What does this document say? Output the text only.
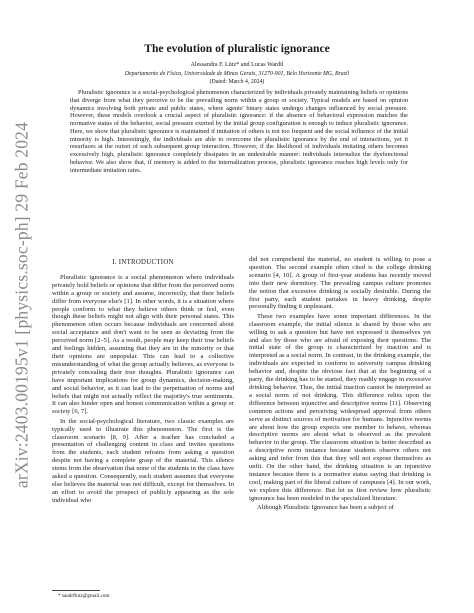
arXiv:2403.00195v1 [physics.soc-ph] 29 Feb 2024
The evolution of pluralistic ignorance
Alessandra F. Lütz* and Lucas Wardil
Departamento de Física, Universidade de Minas Gerais, 31270-901, Belo Horizonte MG, Brazil
(Dated: March 4, 2024)

Pluralistic ignorance is a social-psychological phenomenon characterized by individuals privately maintaining beliefs or opinions that diverge from what they perceive to be the prevailing norm within a group or society. Typical models are based on opinion dynamics involving both private and public states, where agents' binary states undergo changes influenced by social pressure. However, these models overlook a crucial aspect of pluralistic ignorance: if the absence of behavioral expression matches the normative status of the behavior, social pressure exerted by the initial group configuration is enough to induce pluralistic ignorance. Here, we show that pluralistic ignorance is maintained if imitation of others is not too frequent and the social influence of the initial minority is high. Interestingly, the individuals are able to overcome the pluralistic ignorance by the end of interactions, yet it resurfaces at the outset of each subsequent group interaction. However, if the likelihood of individuals imitating others becomes excessively high, pluralistic ignorance completely dissipates in an undesirable manner: individuals internalize the dysfunctional behavior. We also show that, if memory is added to the internalization process, pluralistic ignorance reaches high levels only for intermediate imitation rates.

I. INTRODUCTION

Pluralistic ignorance is a social phenomenon where individuals privately hold beliefs or opinions that differ from the perceived norm within a group or society and assume, incorrectly, that their beliefs differ from everyone else's [1]. In other words, it is a situation where people conform to what they believe others think or feel, even though these beliefs might not align with their personal states. This phenomenon often occurs because individuals are concerned about social acceptance and don't want to be seen as deviating from the perceived norm [2–5]. As a result, people may keep their true beliefs and feelings hidden, assuming that they are in the minority or that their opinions are unpopular. This can lead to a collective misunderstanding of what the group actually believes, as everyone is privately concealing their true thoughts. Pluralistic ignorance can have important implications for group dynamics, decision-making, and social behavior, as it can lead to the perpetuation of norms and beliefs that might not actually reflect the majority's true sentiments. It can also hinder open and honest communication within a group or society [6, 7].

In the social-psychological literature, two classic examples are typically used to illustrate this phenomenon. The first is the classroom scenario [8, 9]. After a teacher has concluded a presentation of challenging content in class and invites questions from the students, each student refrains from asking a question despite not having a complete grasp of the material. This silence stems from the observation that none of the students in the class have asked a question. Consequently, each student assumes that everyone else believes the material was not difficult, except for themselves. In an effort to avoid the prospect of publicly appearing as the sole individual who

did not comprehend the material, no student is willing to pose a question. The second example often cited is the college drinking scenario [4, 10]. A group of first-year students has recently moved into their new dormitory. The prevailing campus culture promotes the notion that excessive drinking is socially desirable. During the first party, each student partakes in heavy drinking, despite personally finding it unpleasant.

These two examples have some important differences. In the classroom example, the initial silence is shared by those who are willing to ask a question but have not expressed it themselves yet and also by those who are afraid of exposing their questions. The initial state of the group is characterized by inaction and is interpreted as a social norm. In contrast, in the drinking example, the individuals are expected to conform to university campus drinking behavior and, despite the obvious fact that at the beginning of a party, the drinking has to be started, they readily engage in excessive drinking behavior. Thus, the initial inaction cannot be interpreted as a social norm of not drinking. This difference relies upon the difference between injunctive and descriptive norms [11]. Observing common actions and perceiving widespread approval from others serve as distinct sources of motivation for humans. Injunctive norms are about how the group expects one member to behave, whereas descriptive norms are about what is observed as the prevalent behavior in the group. The classroom situation is better described as a descriptive norm instance because students observe others not asking and infer from this that they will not expose themselves as unfit. On the other hand, the drinking situation is an injunctive instance because there is a normative status saying that drinking is cool, making part of the liberal culture of campuses [4]. In our work, we explore this difference. But let us first review how pluralistic ignorance has been modeled in the specialized literature.

Although Pluralistic Ignorance has been a subject of

* sandrflutz@gmail.com
